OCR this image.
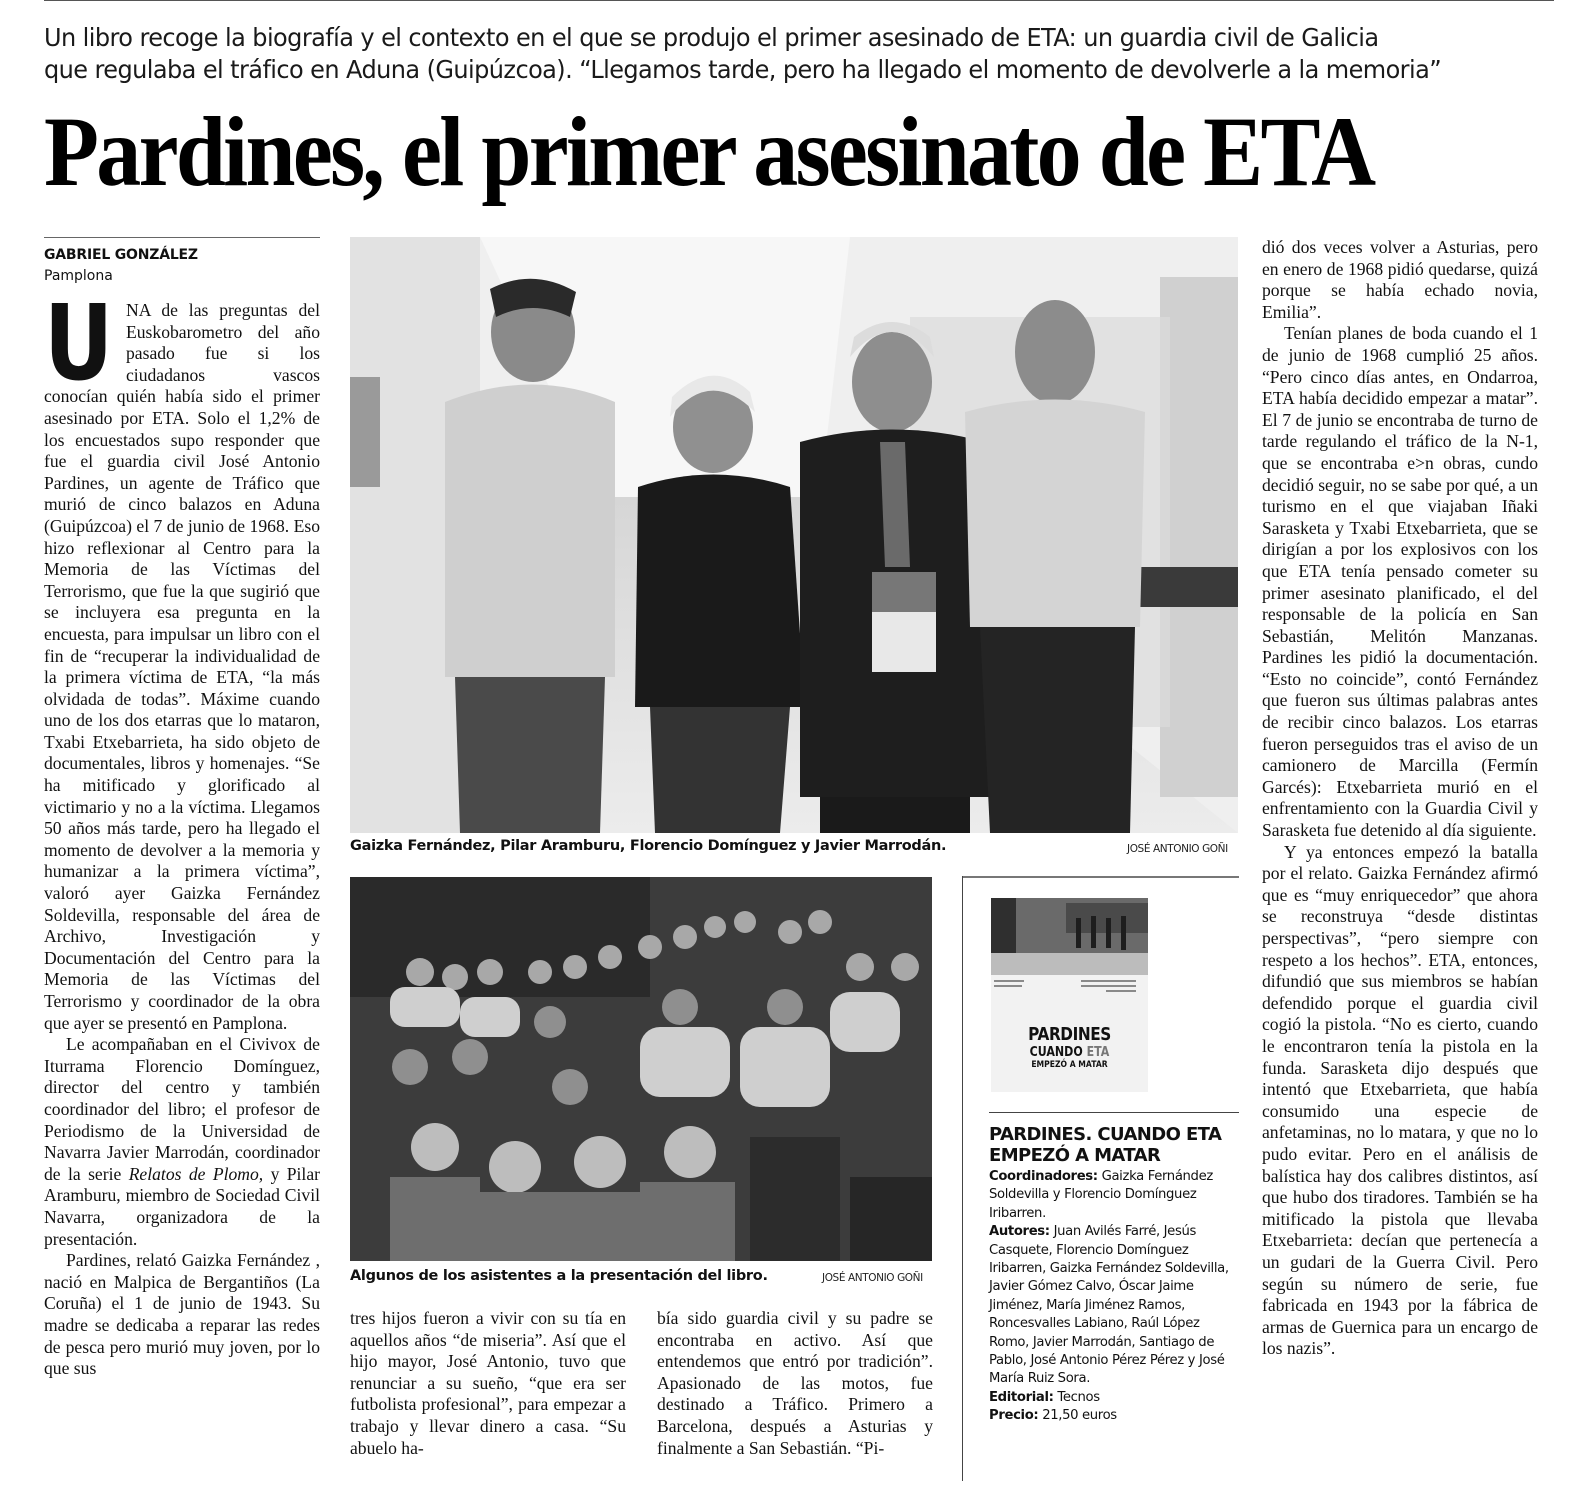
Un libro recoge la biografía y el contexto en el que se produjo el primer asesinado de ETA: un guardia civil de Galicia
que regulaba el tráfico en Aduna (Guipúzcoa). “Llegamos tarde, pero ha llegado el momento de devolverle a la memoria”
Pardines, el primer asesinato de ETA
GABRIEL GONZÁLEZ
Pamplona

UNA de las preguntas del Euskobarometro del año pasado fue si los ciudadanos vascos conocían quién había sido el primer asesinado por ETA. Solo el 1,2% de los encuestados supo responder que fue el guardia civil José Antonio Pardines, un agente de Tráfico que murió de cinco balazos en Aduna (Guipúzcoa) el 7 de junio de 1968. Eso hizo reflexionar al Centro para la Memoria de las Víctimas del Terrorismo, que fue la que sugirió que se incluyera esa pregunta en la encuesta, para impulsar un libro con el fin de “recuperar la individualidad de la primera víctima de ETA, “la más olvidada de todas”. Máxime cuando uno de los dos etarras que lo mataron, Txabi Etxebarrieta, ha sido objeto de documentales, libros y homenajes. “Se ha mitificado y glorificado al victimario y no a la víctima. Llegamos 50 años más tarde, pero ha llegado el momento de devolver a la memoria y humanizar a la primera víctima”, valoró ayer Gaizka Fernández Soldevilla, responsable del área de Archivo, Investigación y Documentación del Centro para la Memoria de las Víctimas del Terrorismo y coordinador de la obra que ayer se presentó en Pamplona.

Le acompañaban en el Civivox de Iturrama Florencio Domínguez, director del centro y también coordinador del libro; el profesor de Periodismo de la Universidad de Navarra Javier Marrodán, coordinador de la serie Relatos de Plomo, y Pilar Aramburu, miembro de Sociedad Civil Navarra, organizadora de la presentación.

Pardines, relató Gaizka Fernández , nació en Malpica de Bergantiños (La Coruña) el 1 de junio de 1943. Su madre se dedicaba a reparar las redes de pesca pero murió muy joven, por lo que sus

Gaizka Fernández, Pilar Aramburu, Florencio Domínguez y Javier Marrodán.	JOSÉ ANTONIO GOÑI
Algunos de los asistentes a la presentación del libro.	JOSÉ ANTONIO GOÑI

tres hijos fueron a vivir con su tía en aquellos años “de miseria”. Así que el hijo mayor, José Antonio, tuvo que renunciar a su sueño, “que era ser futbolista profesional”, para empezar a trabajo y llevar dinero a casa. “Su abuelo ha-

bía sido guardia civil y su padre se encontraba en activo. Así que entendemos que entró por tradición”. Apasionado de las motos, fue destinado a Tráfico. Primero a Barcelona, después a Asturias y finalmente a San Sebastián. “Pi-

PARDINES
CUANDO ETA
EMPEZÓ A MATAR
PARDINES. CUANDO ETA EMPEZÓ A MATAR
Coordinadores: Gaizka Fernández Soldevilla y Florencio Domínguez Iribarren.
Autores: Juan Avilés Farré, Jesús Casquete, Florencio Domínguez Iribarren, Gaizka Fernández Soldevilla, Javier Gómez Calvo, Óscar Jaime Jiménez, María Jiménez Ramos, Roncesvalles Labiano, Raúl López Romo, Javier Marrodán, Santiago de Pablo, José Antonio Pérez Pérez y José María Ruiz Sora.
Editorial: Tecnos
Precio: 21,50 euros

dió dos veces volver a Asturias, pero en enero de 1968 pidió quedarse, quizá porque se había echado novia, Emilia”.

Tenían planes de boda cuando el 1 de junio de 1968 cumplió 25 años. “Pero cinco días antes, en Ondarroa, ETA había decidido empezar a matar”. El 7 de junio se encontraba de turno de tarde regulando el tráfico de la N-1, que se encontraba e>n obras, cundo decidió seguir, no se sabe por qué, a un turismo en el que viajaban Iñaki Sarasketa y Txabi Etxebarrieta, que se dirigían a por los explosivos con los que ETA tenía pensado cometer su primer asesinato planificado, el del responsable de la policía en San Sebastián, Melitón Manzanas. Pardines les pidió la documentación. “Esto no coincide”, contó Fernández que fueron sus últimas palabras antes de recibir cinco balazos. Los etarras fueron perseguidos tras el aviso de un camionero de Marcilla (Fermín Garcés): Etxebarrieta murió en el enfrentamiento con la Guardia Civil y Sarasketa fue detenido al día siguiente.

Y ya entonces empezó la batalla por el relato. Gaizka Fernández afirmó que es “muy enriquecedor” que ahora se reconstruya “desde distintas perspectivas”, “pero siempre con respeto a los hechos”. ETA, entonces, difundió que sus miembros se habían defendido porque el guardia civil cogió la pistola. “No es cierto, cuando le encontraron tenía la pistola en la funda. Sarasketa dijo después que intentó que Etxebarrieta, que había consumido una especie de anfetaminas, no lo matara, y que no lo pudo evitar. Pero en el análisis de balística hay dos calibres distintos, así que hubo dos tiradores. También se ha mitificado la pistola que llevaba Etxebarrieta: decían que pertenecía a un gudari de la Guerra Civil. Pero según su número de serie, fue fabricada en 1943 por la fábrica de armas de Guernica para un encargo de los nazis”.
